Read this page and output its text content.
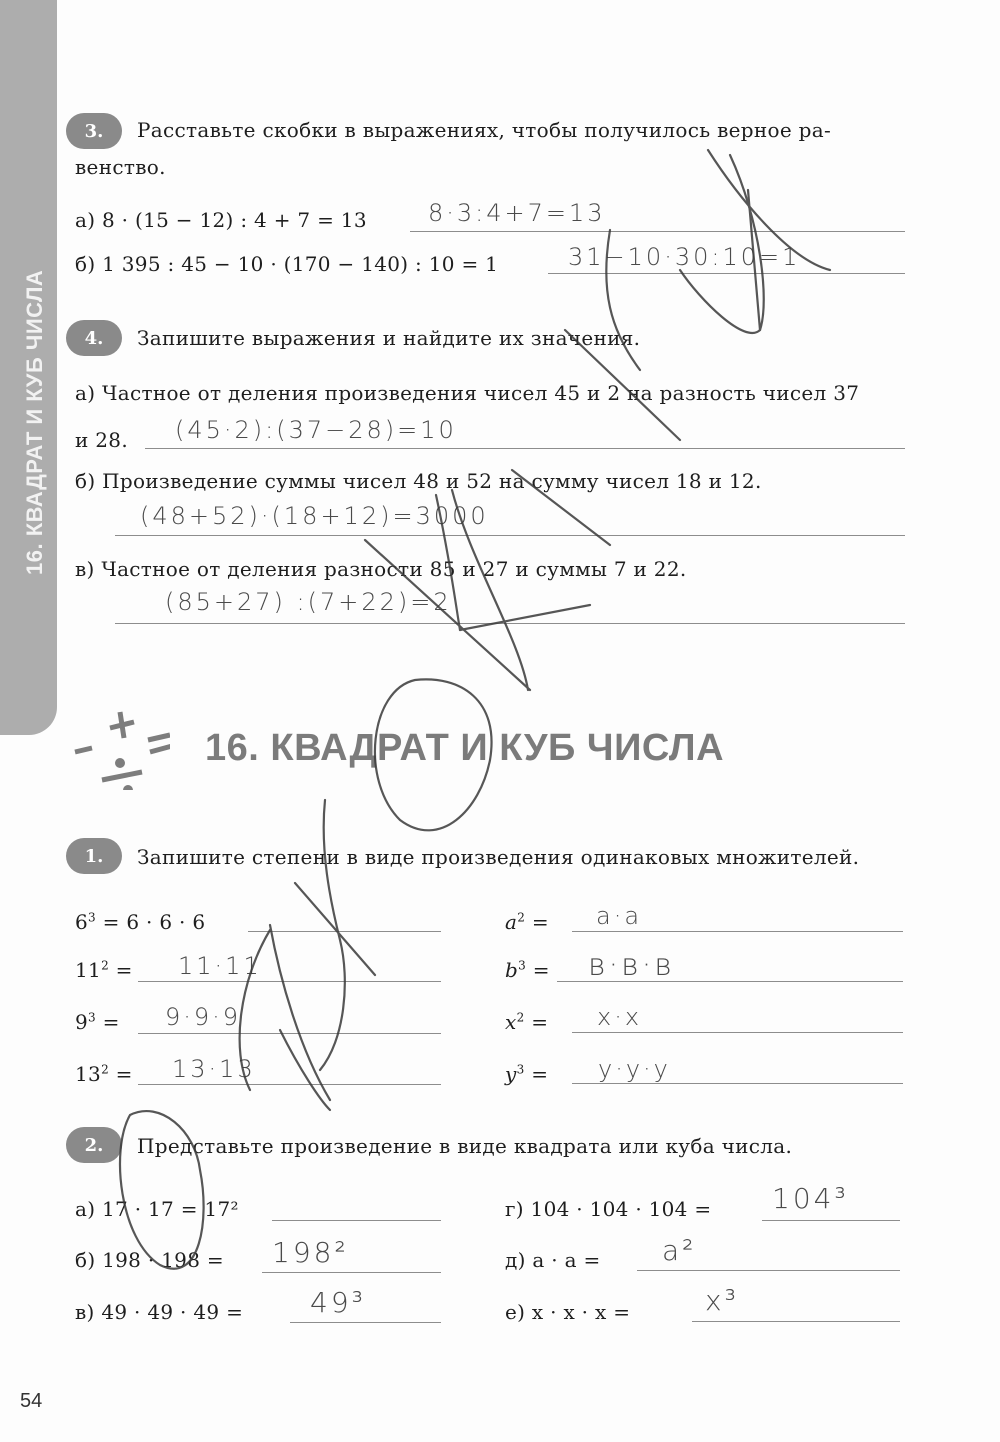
16. КВАДРАТ И КУБ ЧИСЛА
3.	Расставьте скобки в выражениях, чтобы получилось верное ра-
венство.
а) 8 · (15 − 12) : 4 + 7 = 13	8·3:4+7=13
б) 1 395 : 45 − 10 · (170 − 140) : 10 = 1	31−10·30:10=1
4.	Запишите выражения и найдите их значения.
а) Частное от деления произведения чисел 45 и 2 на разность чисел 37
и 28. (45·2):(37−28)=10
б) Произведение суммы чисел 48 и 52 на сумму чисел 18 и 12.
(48+52)·(18+12)=3000
в) Частное от деления разности 85 и 27 и суммы 7 и 22.
(85+27) :(7+22)=2
16. КВАДРАТ И КУБ ЧИСЛА
1.	Запишите степени в виде произведения одинаковых множителей.
$6^3 = 6 \cdot 6 \cdot 6$
$11^2 = 11\cdot 11$
$9^3 = 9\cdot 9\cdot 9$
$13^2 = 13\cdot 13$
$a^2 = a\cdot a$
$b^3 = в\cdot в\cdot в$
$x^2 = x\cdot x$
$y^3 = y\cdot y\cdot y$
2.	Представьте произведение в виде квадрата или куба числа.
а) 17 · 17 = 17²
б) 198 · 198 = 198²
в) 49 · 49 · 49 = 49³
г) 104 · 104 · 104 = 104³
д) a · a = a²
е) x · x · x =	x³
54
